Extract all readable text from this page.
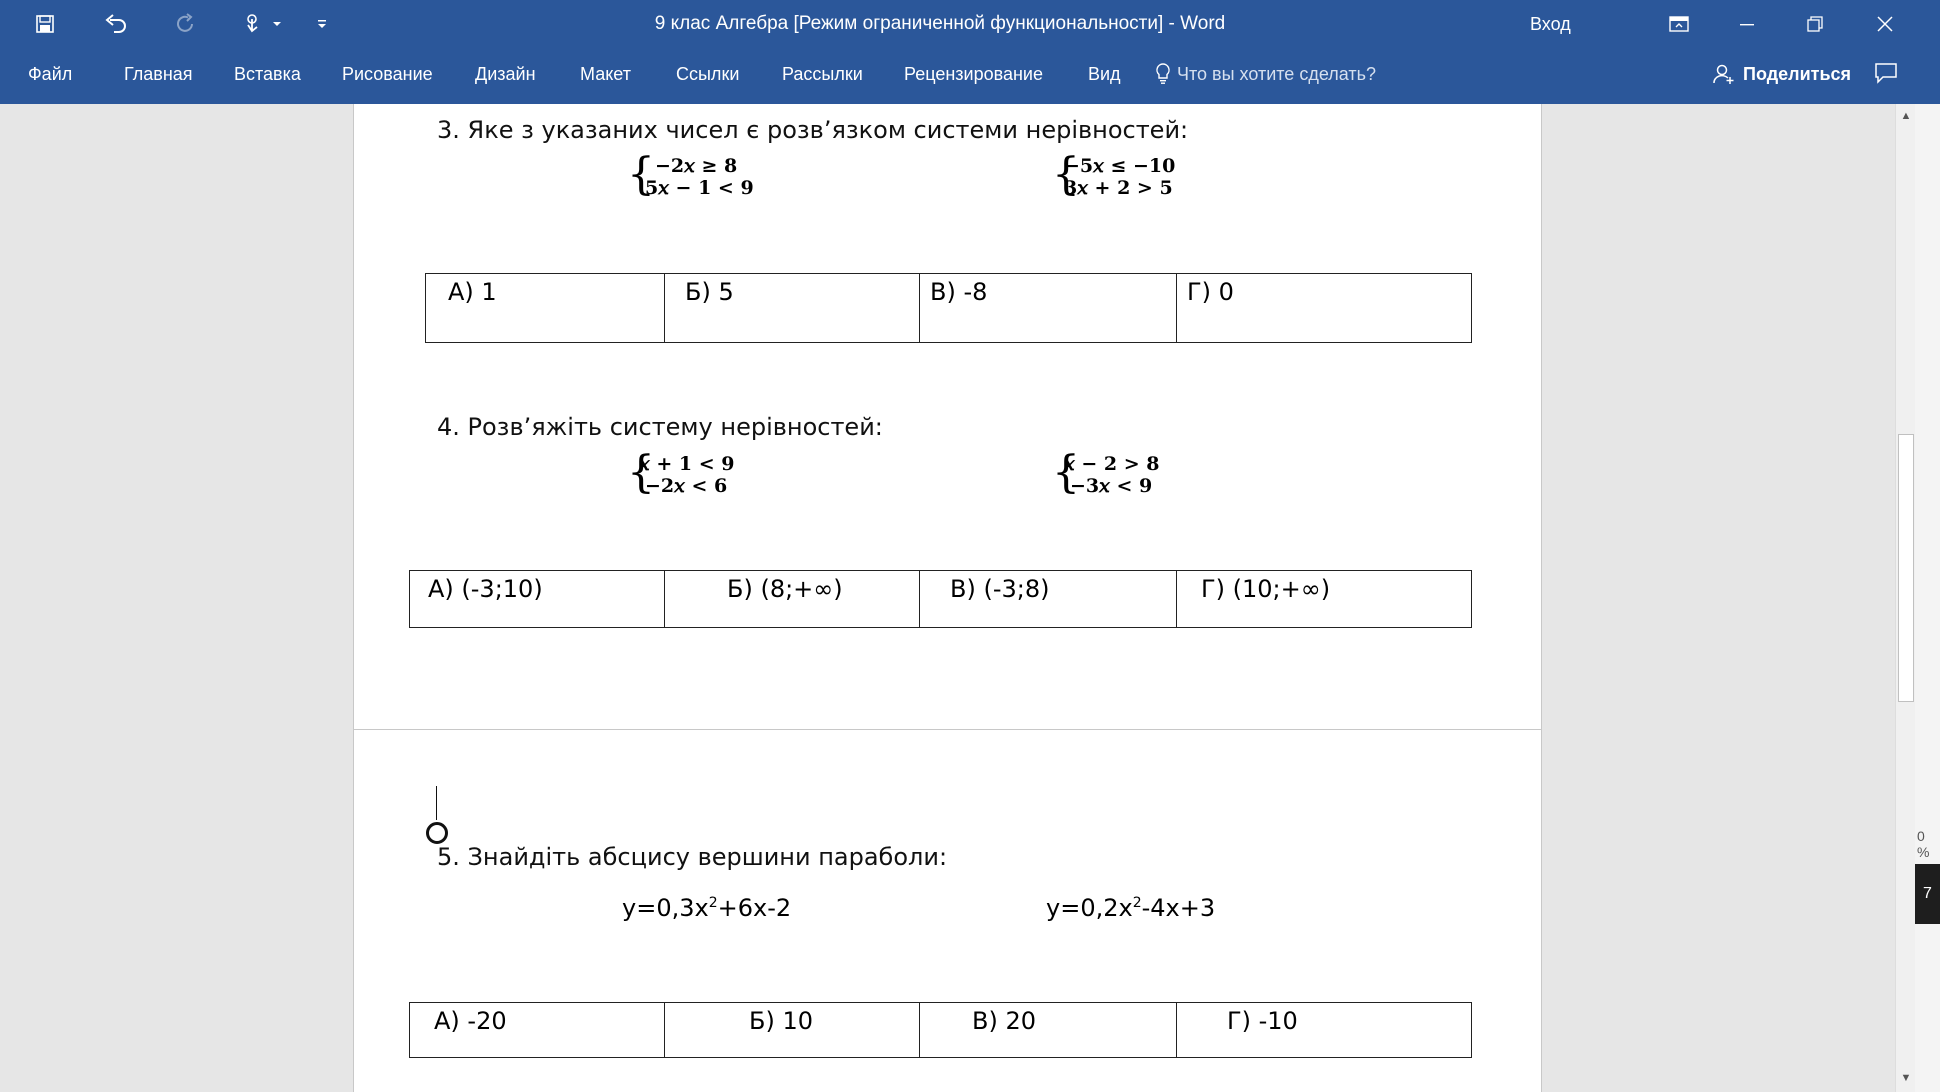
9 клас Алгебра [Режим ограниченной функциональности] - Word	Вход
Файл	Главная Вставка Рисование Дизайн Макет	Ссылки Рассылки Рецензирование	Вид	Что вы хотите сделать?	Поделиться
3. Яке з указаних чисел є розв’язком системи нерівностей:
{ −2𝑥 ≥ 8
5𝑥 − 1 < 9	{
−5𝑥 ≤ −10
3𝑥 + 2 > 5
А) 1	Б) 5	В) -8	Г) 0
4. Розв’яжіть систему нерівностей:
{
𝑥 + 1 < 9
−2𝑥 < 6	{
𝑥 − 2 > 8
−3𝑥 < 9
А) (-3;10)	Б) (8;+∞)	В) (-3;8)	Г) (10;+∞)
5. Знайдіть абсцису вершини параболи:
$y=0,3x^2+6x-2$	$y=0,2x^2-4x+3$
А) -20	Б) 10	В) 20	Г) -10
▲
▼
0 %
7
